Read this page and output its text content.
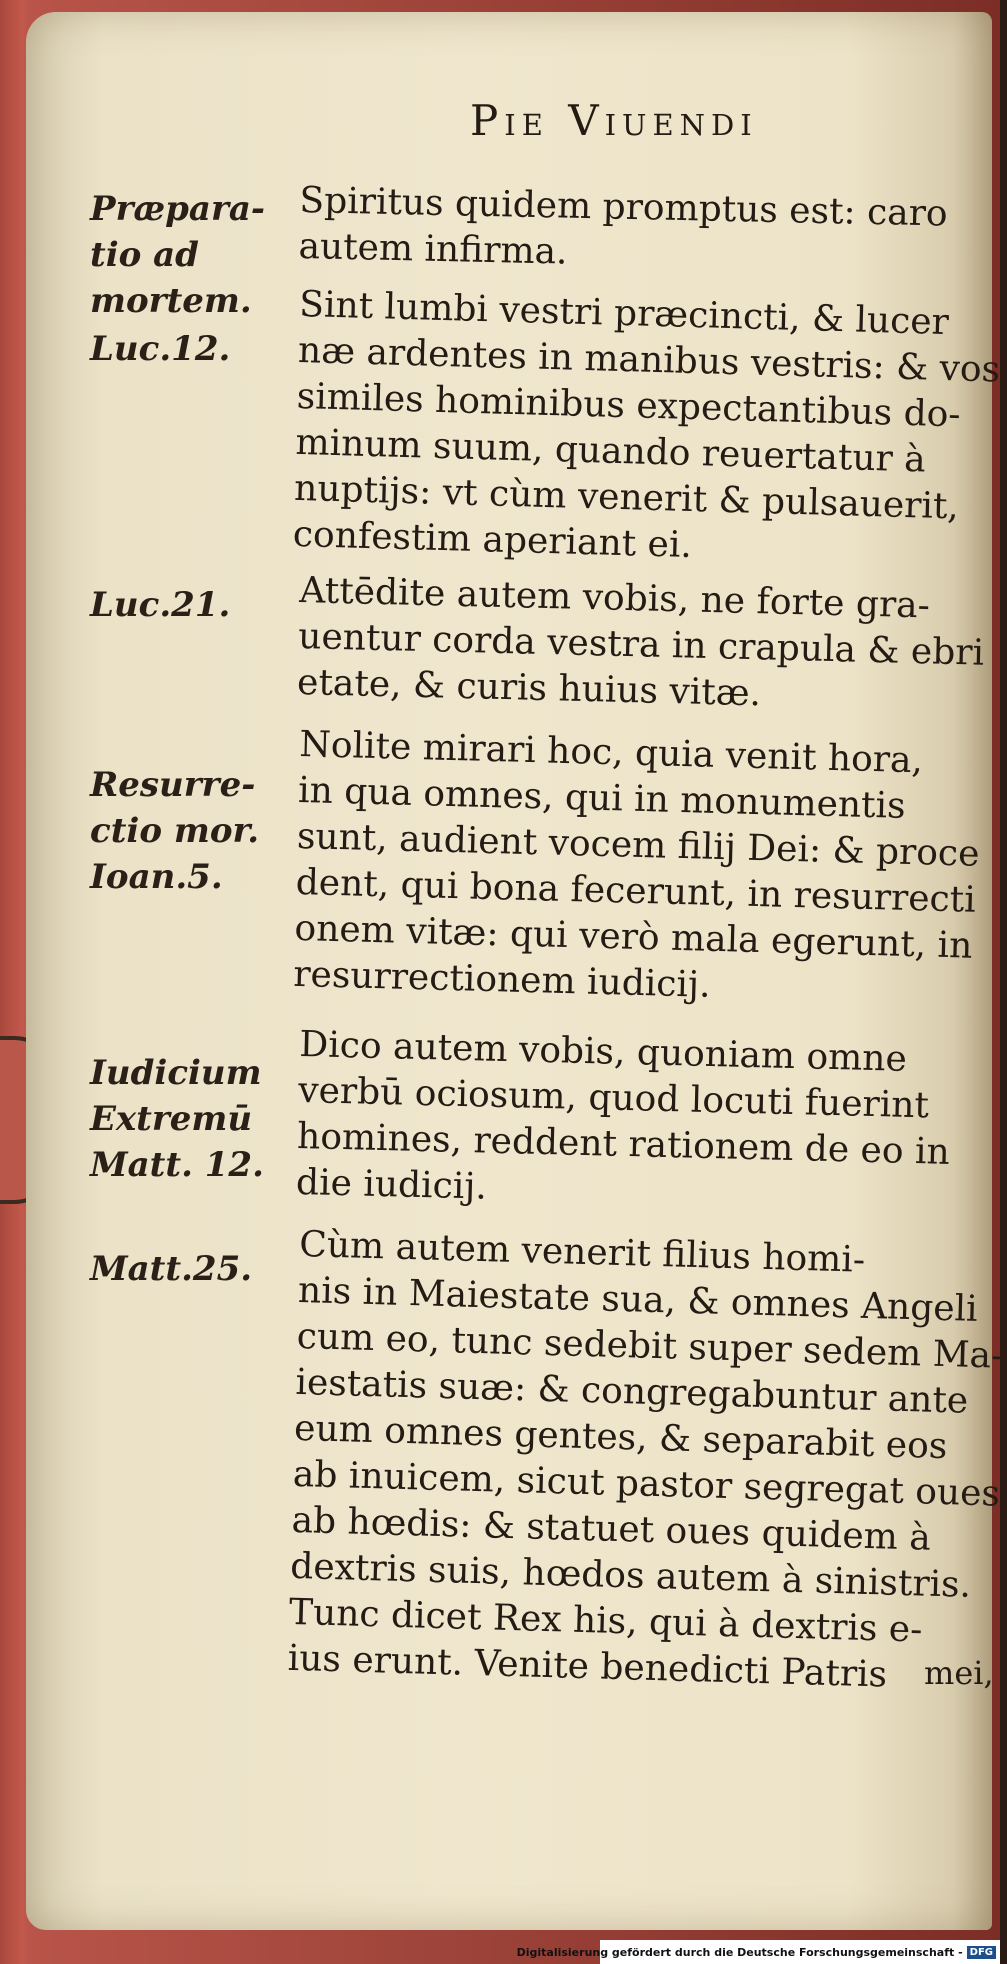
Pie Viuendi
Præpara-
tio ad
mortem.
Luc.12.
Luc.21.
Resurre-
ctio mor.
Ioan.5.
Iudicium
Extremū
Matt. 12.
Matt.25.
Spiritus quidem promptus est: caro
autem infirma.
Sint lumbi vestri præcincti, & lucer
næ ardentes in manibus vestris: & vos
similes hominibus expectantibus do-
minum suum, quando reuertatur à
nuptijs: vt cùm venerit & pulsauerit,
confestim aperiant ei.
Attēdite autem vobis, ne forte gra-
uentur corda vestra in crapula & ebri
etate, & curis huius vitæ.
Nolite mirari hoc, quia venit hora,
in qua omnes, qui in monumentis
sunt, audient vocem filij Dei: & proce
dent, qui bona fecerunt, in resurrecti
onem vitæ: qui verò mala egerunt, in
resurrectionem iudicij.
Dico autem vobis, quoniam omne
verbū ociosum, quod locuti fuerint
homines, reddent rationem de eo in
die iudicij.
Cùm autem venerit filius homi-
nis in Maiestate sua, & omnes Angeli
cum eo, tunc sedebit super sedem Ma-
iestatis suæ: & congregabuntur ante
eum omnes gentes, & separabit eos
ab inuicem, sicut pastor segregat oues
ab hœdis: & statuet oues quidem à
dextris suis, hœdos autem à sinistris.
Tunc dicet Rex his, qui à dextris e-
ius erunt. Venite benedicti Patris	mei,
Digitalisierung gefördert durch die Deutsche Forschungsgemeinschaft - DFG
